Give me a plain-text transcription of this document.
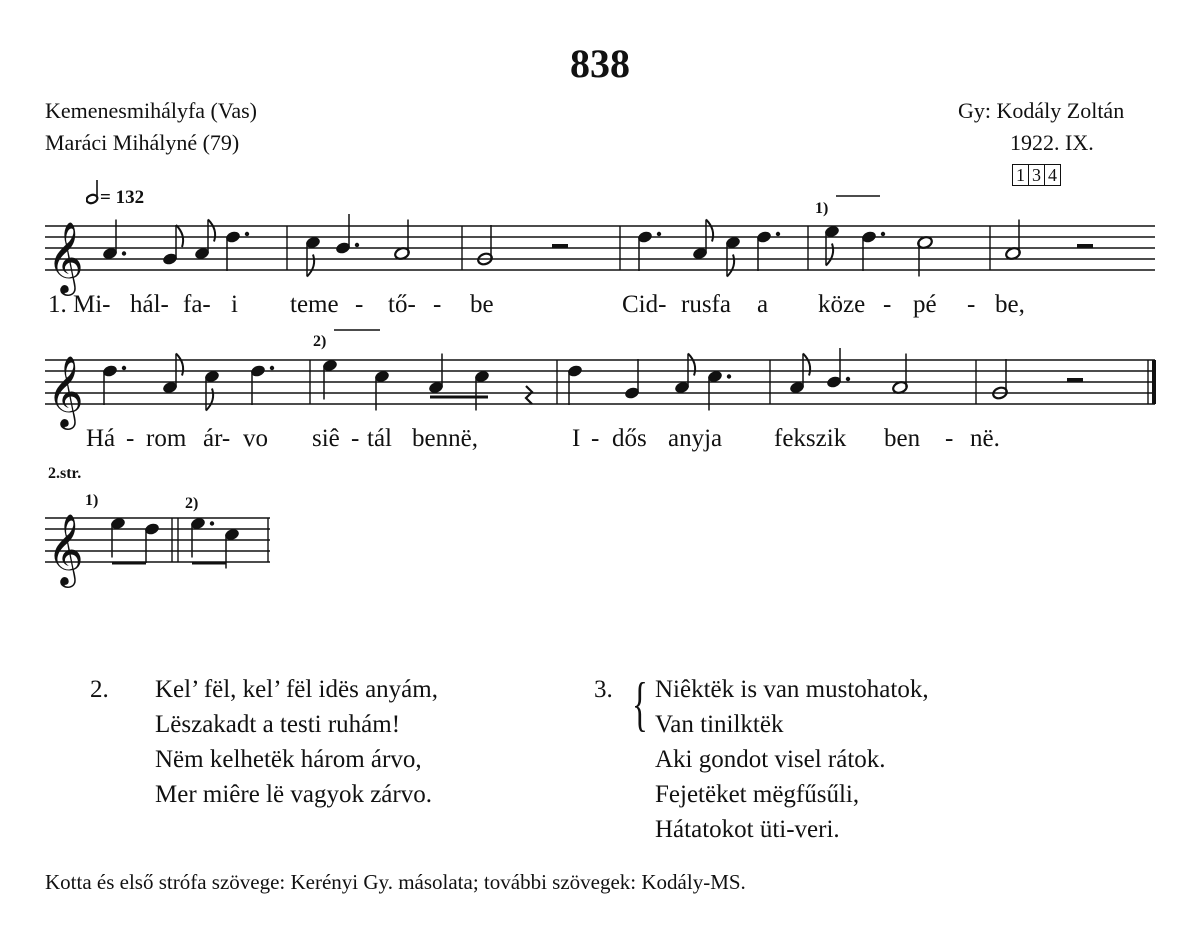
838
Kemenesmihályfa (Vas)
Maráci Mihályné (79)
Gy: Kodály Zoltán
1922. IX.
1 3 4
= 132
𝄞
𝄞
𝄞
1)
2)
2.str.
1)	2)
1. Mi- hál- fa- i teme - tő- - be	Cid- rusfa a köze - pé - be,
Há - rom ár- vo siê - tál bennë,	I - dős anyja fekszik ben - në.
2. Kel’ fël, kel’ fël idës anyám,
Lëszakadt a testi ruhám!
Nëm kelhetëk három árvo,
Mer miêre lë vagyok zárvo.
3. { Niêktëk is van mustohatok,
Van tinilktëk
Aki gondot visel rátok.
Fejetëket mëgfűsűli,
Hátatokot üti-veri.
Kotta és első strófa szövege: Kerényi Gy. másolata; további szövegek: Kodály-MS.
